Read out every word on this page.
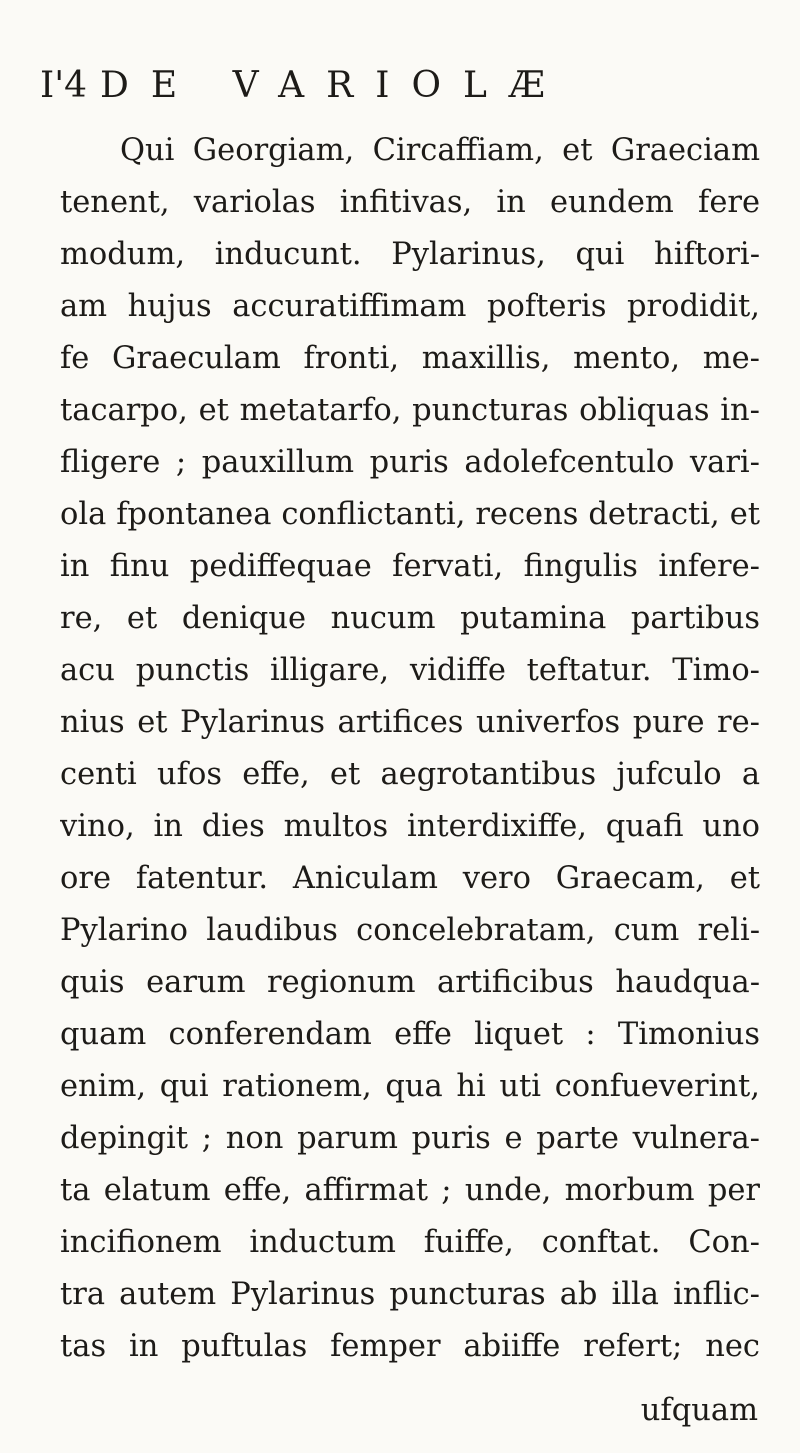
I'4 DE VARIOLÆ
Qui Georgiam, Circaffiam, et Graeciam
tenent, variolas infitivas, in eundem fere
modum, inducunt. Pylarinus, qui hiftori-
am hujus accuratiffimam pofteris prodidit,
fe Graeculam fronti, maxillis, mento, me-
tacarpo, et metatarfo, puncturas obliquas in-
fligere ; pauxillum puris adolefcentulo vari-
ola fpontanea conflictanti, recens detracti, et
in finu pediffequae fervati, fingulis infere-
re, et denique nucum putamina partibus
acu punctis illigare, vidiffe teftatur. Timo-
nius et Pylarinus artifices univerfos pure re-
centi ufos effe, et aegrotantibus jufculo a
vino, in dies multos interdixiffe, quafi uno
ore fatentur. Aniculam vero Graecam, et
Pylarino laudibus concelebratam, cum reli-
quis earum regionum artificibus haudqua-
quam conferendam effe liquet : Timonius
enim, qui rationem, qua hi uti confueverint,
depingit ; non parum puris e parte vulnera-
ta elatum effe, affirmat ; unde, morbum per
incifionem inductum fuiffe, conftat. Con-
tra autem Pylarinus puncturas ab illa inflic-
tas in puftulas femper abiiffe refert; nec
ufquam
